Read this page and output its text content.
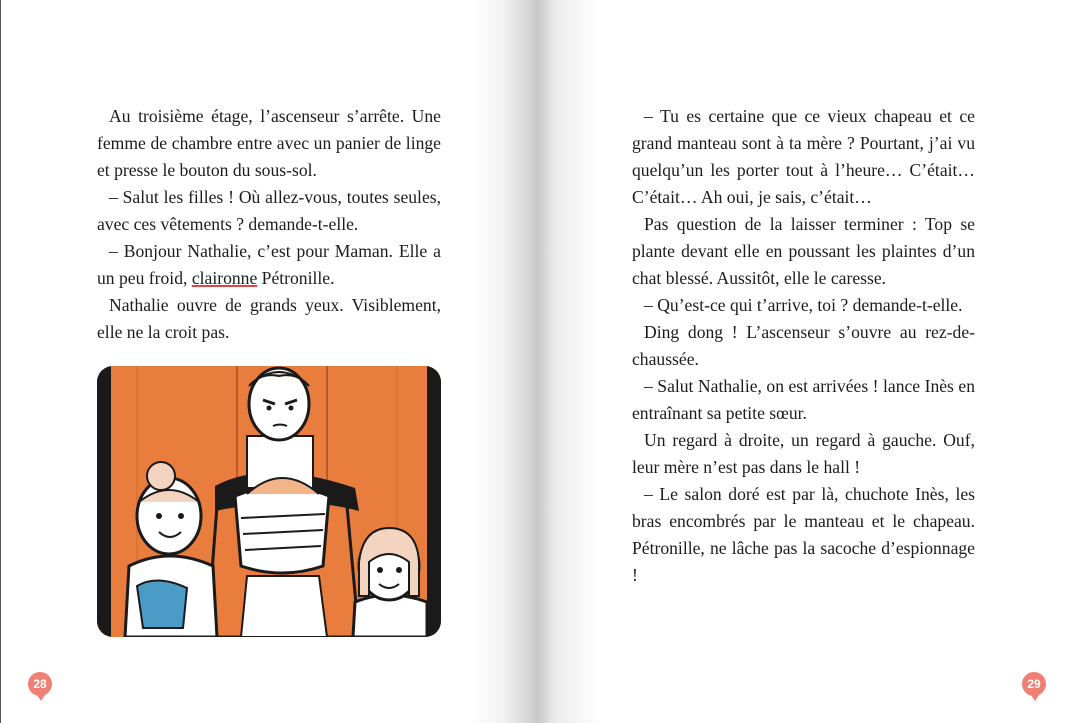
Au troisième étage, l’ascenseur s’arrête. Une femme de chambre entre avec un panier de linge et presse le bouton du sous-sol.

– Salut les filles ! Où allez-vous, toutes seules, avec ces vêtements ? demande-t-elle.

– Bonjour Nathalie, c’est pour Maman. Elle a un peu froid, claironne Pétronille.

Nathalie ouvre de grands yeux. Visiblement, elle ne la croit pas.

28

– Tu es certaine que ce vieux chapeau et ce grand manteau sont à ta mère ? Pourtant, j’ai vu quelqu’un les porter tout à l’heure… C’était… C’était… Ah oui, je sais, c’était…

Pas question de la laisser terminer : Top se plante devant elle en poussant les plaintes d’un chat blessé. Aussitôt, elle le caresse.

– Qu’est-ce qui t’arrive, toi ? demande-t-elle.

Ding dong ! L’ascenseur s’ouvre au rez-de-chaussée.

– Salut Nathalie, on est arrivées ! lance Inès en entraînant sa petite sœur.

Un regard à droite, un regard à gauche. Ouf, leur mère n’est pas dans le hall !

– Le salon doré est par là, chuchote Inès, les bras encombrés par le manteau et le chapeau. Pétronille, ne lâche pas la sacoche d’espionnage !

29
